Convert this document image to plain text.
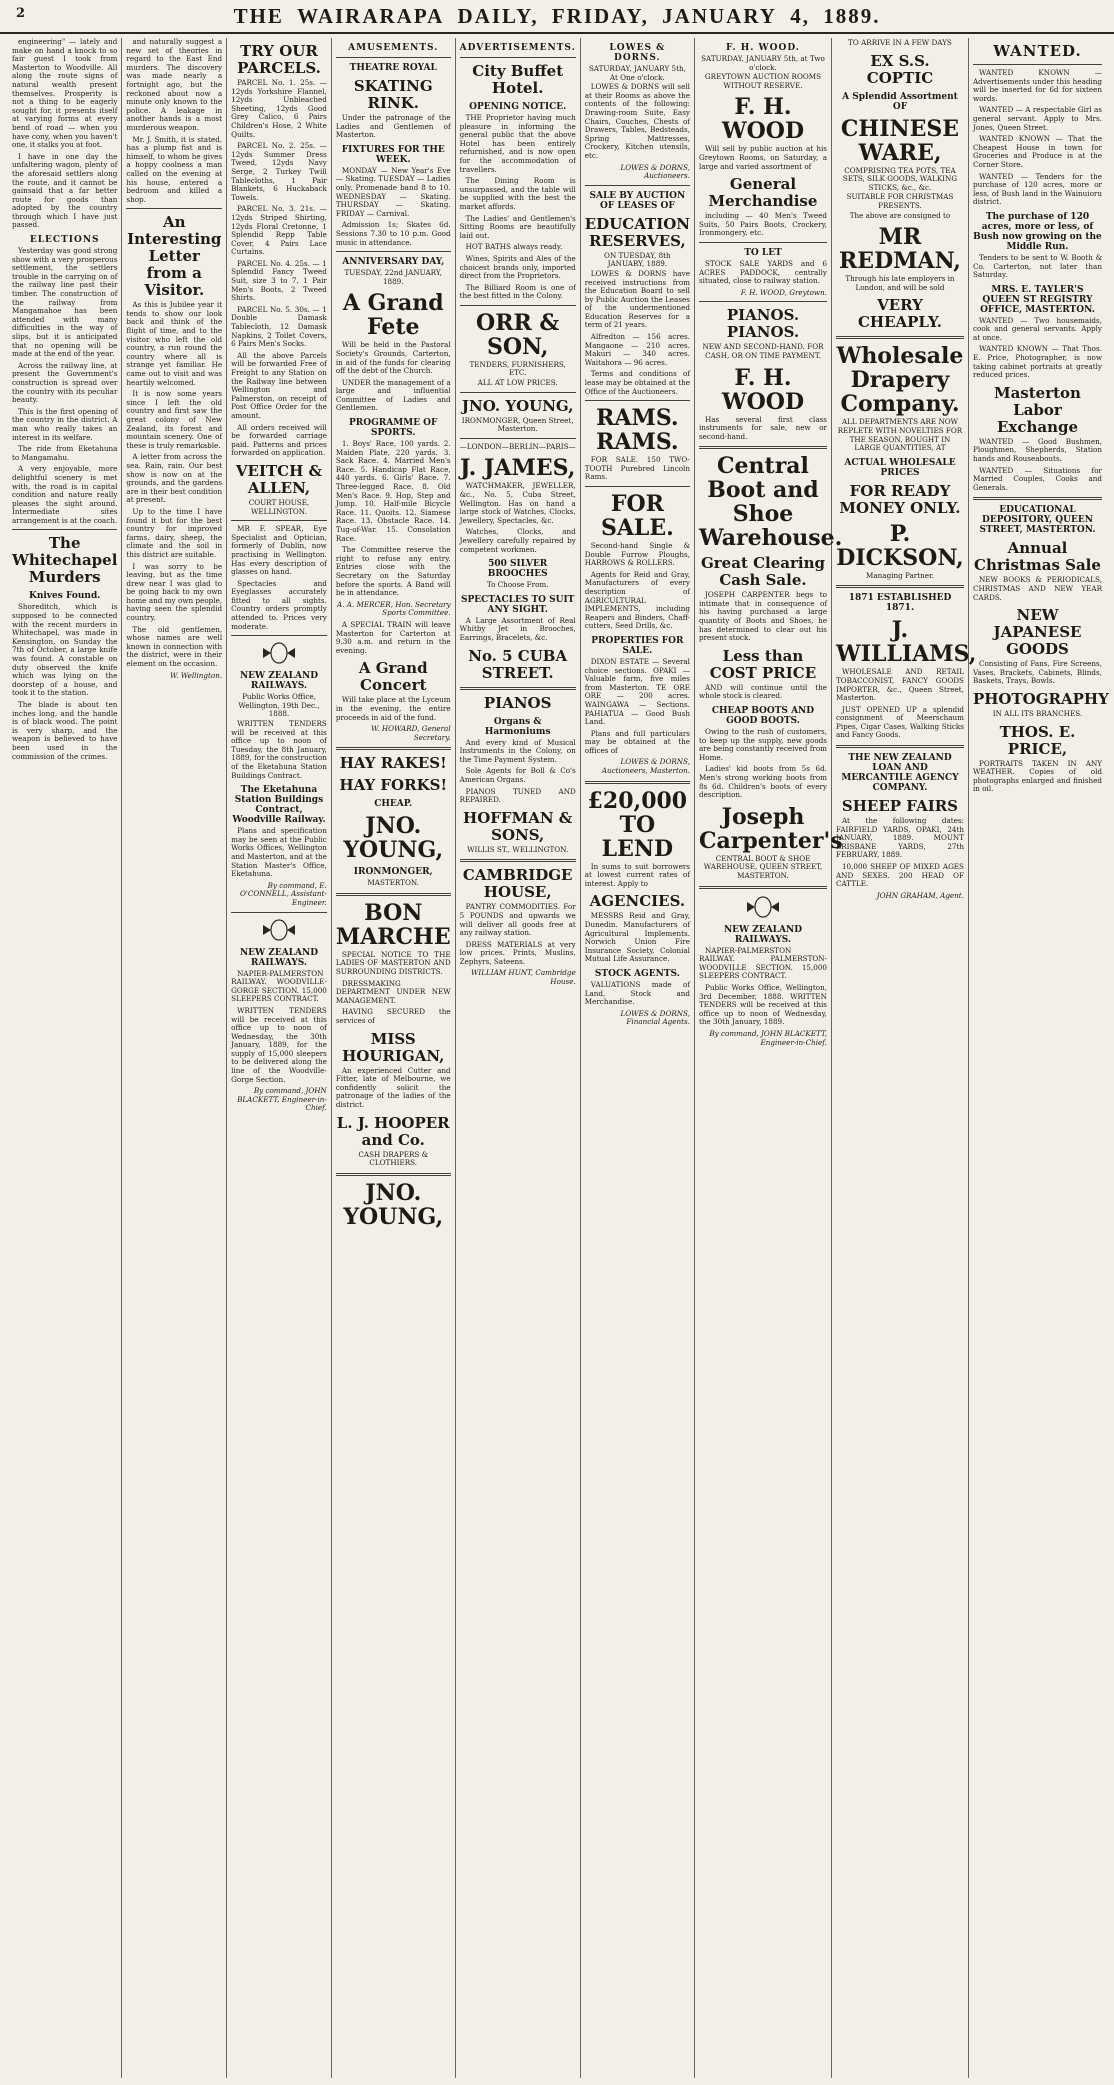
2	THE WAIRARAPA DAILY, FRIDAY, JANUARY 4, 1889.

engineering" — lately and make on hand a knock to so fair guest I took from Masterton to Woodville. All along the route signs of natural wealth present themselves. Prosperity is not a thing to be eagerly sought for, it presents itself at varying forms at every bend of road — when you have cony, when you haven't one, it stalks you at foot.

I have in one day the unfaltering wagon, plenty of the aforesaid settlers along the route, and it cannot be gainsaid that a far better route for goods than adopted by the country through which I have just passed.

ELECTIONS

Yesterday was good strong show with a very prosperous settlement, the settlers trouble in the carrying on of the railway line past their timber. The construction of the railway from Mangamahoe has been attended with many difficulties in the way of slips, but it is anticipated that no opening will be made at the end of the year.

Across the railway line, at present the Government's construction is spread over the country with its peculiar beauty.

This is the first opening of the country in the district. A man who really takes an interest in its welfare.

The ride from Eketahuna to Mangamahu.

A very enjoyable, more delightful scenery is met with, the road is in capital condition and nature really pleases the sight around. Intermediate sites arrangement is at the coach.

The Whitechapel Murders
Knives Found.

Shoreditch, which is supposed to be connected with the recent murders in Whitechapel, was made in Kensington, on Sunday the 7th of October, a large knife was found. A constable on duty observed the knife which was lying on the doorstep of a house, and took it to the station.

The blade is about ten inches long, and the handle is of black wood. The point is very sharp, and the weapon is believed to have been used in the commission of the crimes.

and naturally suggest a new set of theories in regard to the East End murders. The discovery was made nearly a fortnight ago, but the reckoned about now a minute only known to the police. A leakage in another hands is a most murderous weapon.

Mr. J. Smith, it is stated, has a plump fist and is himself, to whom he gives a hoppy coolness a man called on the evening at his house, entered a bedroom and killed a shop.

An Interesting Letter from a Visitor.

As this is Jubilee year it tends to show our look back and think of the flight of time, and to the visitor who left the old country, a run round the country where all is strange yet familiar. He came out to visit and was heartily welcomed.

It is now some years since I left the old country and first saw the great colony of New Zealand, its forest and mountain scenery. One of these is truly remarkable.

A letter from across the sea. Rain, rain. Our best show is now on at the grounds, and the gardens are in their best condition at present.

Up to the time I have found it but for the best country for improved farms, dairy, sheep, the climate and the soil in this district are suitable.

I was sorry to be leaving, but as the time drew near I was glad to be going back to my own home and my own people, having seen the splendid country.

The old gentlemen, whose names are well known in connection with the district, were in their element on the occasion.

W. Wellington.
TRY OUR PARCELS.

PARCEL No. 1. 25s. — 12yds Yorkshire Flannel, 12yds Unbleached Sheeting, 12yds Good Grey Calico, 6 Pairs Children's Hose, 2 White Quilts.

PARCEL No. 2. 25s. — 12yds Summer Dress Tweed, 12yds Navy Serge, 2 Turkey Twill Tablecloths, 1 Pair Blankets, 6 Huckaback Towels.

PARCEL No. 3. 21s. — 12yds Striped Shirting, 12yds Floral Cretonne, 1 Splendid Repp Table Cover, 4 Pairs Lace Curtains.

PARCEL No. 4. 25s. — 1 Splendid Fancy Tweed Suit, size 3 to 7, 1 Pair Men's Boots, 2 Tweed Shirts.

PARCEL No. 5. 30s. — 1 Double Damask Tablecloth, 12 Damask Napkins, 2 Toilet Covers, 6 Pairs Men's Socks.

All the above Parcels will be forwarded Free of Freight to any Station on the Railway line between Wellington and Palmerston, on receipt of Post Office Order for the amount.

All orders received will be forwarded carriage paid. Patterns and prices forwarded on application.

VEITCH & ALLEN,
COURT HOUSE, WELLINGTON.

MR F. SPEAR, Eye Specialist and Optician, formerly of Dublin, now practising in Wellington. Has every description of glasses on hand.

Spectacles and Eyeglasses accurately fitted to all sights. Country orders promptly attended to. Prices very moderate.

NEW ZEALAND RAILWAYS.
Public Works Office, Wellington, 19th Dec., 1888.

WRITTEN TENDERS will be received at this office up to noon of Tuesday, the 8th January, 1889, for the construction of the Eketahuna Station Buildings Contract.

The Eketahuna Station Buildings Contract, Woodville Railway.

Plans and specification may be seen at the Public Works Offices, Wellington and Masterton, and at the Station Master's Office, Eketahuna.

By command, E. O'CONNELL, Assistant-Engineer.
NEW ZEALAND RAILWAYS.

NAPIER-PALMERSTON RAILWAY. WOODVILLE-GORGE SECTION. 15,000 SLEEPERS CONTRACT.

WRITTEN TENDERS will be received at this office up to noon of Wednesday, the 30th January, 1889, for the supply of 15,000 sleepers to be delivered along the line of the Woodville-Gorge Section.

By command, JOHN BLACKETT, Engineer-in-Chief.
AMUSEMENTS.
THEATRE ROYAL
SKATING RINK.

Under the patronage of the Ladies and Gentlemen of Masterton.

FIXTURES FOR THE WEEK.

MONDAY — New Year's Eve — Skating. TUESDAY — Ladies only. Promenade band 8 to 10. WEDNESDAY — Skating. THURSDAY — Skating. FRIDAY — Carnival.

Admission 1s; Skates 6d. Sessions 7.30 to 10 p.m. Good music in attendance.

ANNIVERSARY DAY,
TUESDAY, 22nd JANUARY, 1889.
A Grand Fete

Will be held in the Pastoral Society's Grounds, Carterton, in aid of the funds for clearing off the debt of the Church.

UNDER the management of a large and influential Committee of Ladies and Gentlemen.

PROGRAMME OF SPORTS.

1. Boys' Race, 100 yards. 2. Maiden Plate, 220 yards. 3. Sack Race. 4. Married Men's Race. 5. Handicap Flat Race, 440 yards. 6. Girls' Race. 7. Three-legged Race. 8. Old Men's Race. 9. Hop, Step and Jump. 10. Half-mile Bicycle Race. 11. Quoits. 12. Siamese Race. 13. Obstacle Race. 14. Tug-of-War. 15. Consolation Race.

The Committee reserve the right to refuse any entry. Entries close with the Secretary on the Saturday before the sports. A Band will be in attendance.

A. A. MERCER, Hon. Secretary Sports Committee.

A SPECIAL TRAIN will leave Masterton for Carterton at 9.30 a.m. and return in the evening.

A Grand Concert

Will take place at the Lyceum in the evening, the entire proceeds in aid of the fund.

W. HOWARD, General Secretary.
HAY RAKES!
HAY FORKS!
CHEAP.
JNO. YOUNG,
IRONMONGER,
MASTERTON.
BON MARCHE

SPECIAL NOTICE TO THE LADIES OF MASTERTON AND SURROUNDING DISTRICTS.

DRESSMAKING DEPARTMENT UNDER NEW MANAGEMENT.

HAVING SECURED the services of

MISS HOURIGAN,

An experienced Cutter and Fitter, late of Melbourne, we confidently solicit the patronage of the ladies of the district.

L. J. HOOPER and Co.
CASH DRAPERS & CLOTHIERS.
JNO. YOUNG,
ADVERTISEMENTS.
City Buffet Hotel.
OPENING NOTICE.

THE Proprietor having much pleasure in informing the general public that the above Hotel has been entirely refurnished, and is now open for the accommodation of travellers.

The Dining Room is unsurpassed, and the table will be supplied with the best the market affords.

The Ladies' and Gentlemen's Sitting Rooms are beautifully laid out.

HOT BATHS always ready.

Wines, Spirits and Ales of the choicest brands only, imported direct from the Proprietors.

The Billiard Room is one of the best fitted in the Colony.

ORR & SON,
TENDERS, FURNISHERS, ETC.
ALL AT LOW PRICES.
JNO. YOUNG,
IRONMONGER, Queen Street, Masterton.
—LONDON—BERLIN—PARIS—
J. JAMES,

WATCHMAKER, JEWELLER, &c., No. 5, Cuba Street, Wellington. Has on hand a large stock of Watches, Clocks, Jewellery, Spectacles, &c.

Watches, Clocks, and Jewellery carefully repaired by competent workmen.

500 SILVER BROOCHES
To Choose From.
SPECTACLES TO SUIT ANY SIGHT.

A Large Assortment of Real Whitby Jet in Brooches, Earrings, Bracelets, &c.

No. 5 CUBA STREET.
PIANOS
Organs & Harmoniums

And every kind of Musical Instruments in the Colony, on the Time Payment System.

Sole Agents for Boll & Co's American Organs.

PIANOS TUNED AND REPAIRED.

HOFFMAN & SONS,
WILLIS ST., WELLINGTON.
CAMBRIDGE HOUSE,

PANTRY COMMODITIES. For 5 POUNDS and upwards we will deliver all goods free at any railway station.

DRESS MATERIALS at very low prices. Prints, Muslins, Zephyrs, Sateens.

WILLIAM HUNT, Cambridge House.
LOWES & DORNS.
SATURDAY, JANUARY 5th, At One o'clock.

LOWES & DORNS will sell at their Rooms as above the contents of the following: Drawing-room Suite, Easy Chairs, Couches, Chests of Drawers, Tables, Bedsteads, Spring Mattresses, Crockery, Kitchen utensils, etc.

LOWES & DORNS, Auctioneers.
SALE BY AUCTION OF LEASES OF
EDUCATION RESERVES,
ON TUESDAY, 8th JANUARY, 1889.

LOWES & DORNS have received instructions from the Education Board to sell by Public Auction the Leases of the undermentioned Education Reserves for a term of 21 years.

Alfredton — 156 acres. Mangaone — 210 acres. Makuri — 340 acres. Waitahora — 96 acres.

Terms and conditions of lease may be obtained at the Office of the Auctioneers.

RAMS. RAMS.

FOR SALE. 150 TWO-TOOTH Purebred Lincoln Rams.

FOR SALE.

Second-hand Single & Double Furrow Ploughs, HARROWS & ROLLERS.

Agents for Reid and Gray, Manufacturers of every description of AGRICULTURAL IMPLEMENTS, including Reapers and Binders, Chaff-cutters, Seed Drills, &c.

PROPERTIES FOR SALE.

DIXON ESTATE — Several choice sections. OPAKI — Valuable farm, five miles from Masterton. TE ORE ORE — 200 acres. WAINGAWA — Sections. PAHIATUA — Good Bush Land.

Plans and full particulars may be obtained at the offices of

LOWES & DORNS, Auctioneers, Masterton.
£20,000 TO LEND

In sums to suit borrowers at lowest current rates of interest. Apply to

AGENCIES.

MESSRS Reid and Gray, Dunedin. Manufacturers of Agricultural Implements. Norwich Union Fire Insurance Society. Colonial Mutual Life Assurance.

STOCK AGENTS.

VALUATIONS made of Land, Stock and Merchandise.

LOWES & DORNS, Financial Agents.
F. H. WOOD.
SATURDAY, JANUARY 5th, at Two o'clock.
GREYTOWN AUCTION ROOMS WITHOUT RESERVE.
F. H. WOOD

Will sell by public auction at his Greytown Rooms, on Saturday, a large and varied assortment of

General Merchandise

including — 40 Men's Tweed Suits, 50 Pairs Boots, Crockery, Ironmongery, etc.

TO LET

STOCK SALE YARDS and 6 ACRES PADDOCK, centrally situated, close to railway station.

F. H. WOOD, Greytown.
PIANOS. PIANOS.
NEW AND SECOND-HAND. FOR CASH, OR ON TIME PAYMENT.
F. H. WOOD

Has several first class instruments for sale, new or second-hand.

Central Boot and Shoe Warehouse.
Great Clearing Cash Sale.

JOSEPH CARPENTER begs to intimate that in consequence of his having purchased a large quantity of Boots and Shoes, he has determined to clear out his present stock.

Less than COST PRICE

AND will continue until the whole stock is cleared.

CHEAP BOOTS AND GOOD BOOTS.

Owing to the rush of customers, to keep up the supply, new goods are being constantly received from Home.

Ladies' kid boots from 5s 6d. Men's strong working boots from 8s 6d. Children's boots of every description.

Joseph Carpenter's
CENTRAL BOOT & SHOE WAREHOUSE, QUEEN STREET, MASTERTON.
NEW ZEALAND RAILWAYS.

NAPIER-PALMERSTON RAILWAY. PALMERSTON-WOODVILLE SECTION. 15,000 SLEEPERS CONTRACT.

Public Works Office, Wellington, 3rd December, 1888. WRITTEN TENDERS will be received at this office up to noon of Wednesday, the 30th January, 1889.

By command, JOHN BLACKETT, Engineer-in-Chief.
TO ARRIVE IN A FEW DAYS
EX S.S. COPTIC
A Splendid Assortment OF
CHINESE WARE,
COMPRISING TEA POTS, TEA SETS, SILK GOODS, WALKING STICKS, &c., &c.
SUITABLE FOR CHRISTMAS PRESENTS.
The above are consigned to
MR REDMAN,
Through his late employers in London, and will be sold
VERY CHEAPLY.
Wholesale Drapery Company.
ALL DEPARTMENTS ARE NOW REPLETE WITH NOVELTIES FOR THE SEASON, BOUGHT IN LARGE QUANTITIES, AT
ACTUAL WHOLESALE PRICES
FOR READY MONEY ONLY.
P. DICKSON,
Managing Partner.
1871 ESTABLISHED 1871.
J. WILLIAMS,

WHOLESALE AND RETAIL TOBACCONIST, FANCY GOODS IMPORTER, &c., Queen Street, Masterton.

JUST OPENED UP a splendid consignment of Meerschaum Pipes, Cigar Cases, Walking Sticks and Fancy Goods.

THE NEW ZEALAND LOAN AND MERCANTILE AGENCY COMPANY.
SHEEP FAIRS

At the following dates: FAIRFIELD YARDS, OPAKI, 24th JANUARY, 1889. MOUNT BRISBANE YARDS, 27th FEBRUARY, 1889.

10,000 SHEEP OF MIXED AGES AND SEXES. 200 HEAD OF CATTLE.

JOHN GRAHAM, Agent.
WANTED.

WANTED KNOWN — Advertisements under this heading will be inserted for 6d for sixteen words.

WANTED — A respectable Girl as general servant. Apply to Mrs. Jones, Queen Street.

WANTED KNOWN — That the Cheapest House in town for Groceries and Produce is at the Corner Store.

WANTED — Tenders for the purchase of 120 acres, more or less, of Bush land in the Wainuioru district.

The purchase of 120 acres, more or less, of Bush now growing on the Middle Run.

Tenders to be sent to W. Booth & Co. Carterton, not later than Saturday.

MRS. E. TAYLER'S QUEEN ST REGISTRY OFFICE, MASTERTON.

WANTED — Two housemaids, cook and general servants. Apply at once.

WANTED KNOWN — That Thos. E. Price, Photographer, is now taking cabinet portraits at greatly reduced prices.

Masterton Labor Exchange

WANTED — Good Bushmen, Ploughmen, Shepherds, Station hands and Rouseabouts.

WANTED — Situations for Married Couples, Cooks and Generals.

EDUCATIONAL DEPOSITORY, QUEEN STREET, MASTERTON.
Annual Christmas Sale

NEW BOOKS & PERIODICALS, CHRISTMAS AND NEW YEAR CARDS.

NEW JAPANESE GOODS

Consisting of Fans, Fire Screens, Vases, Brackets, Cabinets, Blinds, Baskets, Trays, Bowls.

PHOTOGRAPHY
IN ALL ITS BRANCHES.
THOS. E. PRICE,

PORTRAITS TAKEN IN ANY WEATHER. Copies of old photographs enlarged and finished in oil.
